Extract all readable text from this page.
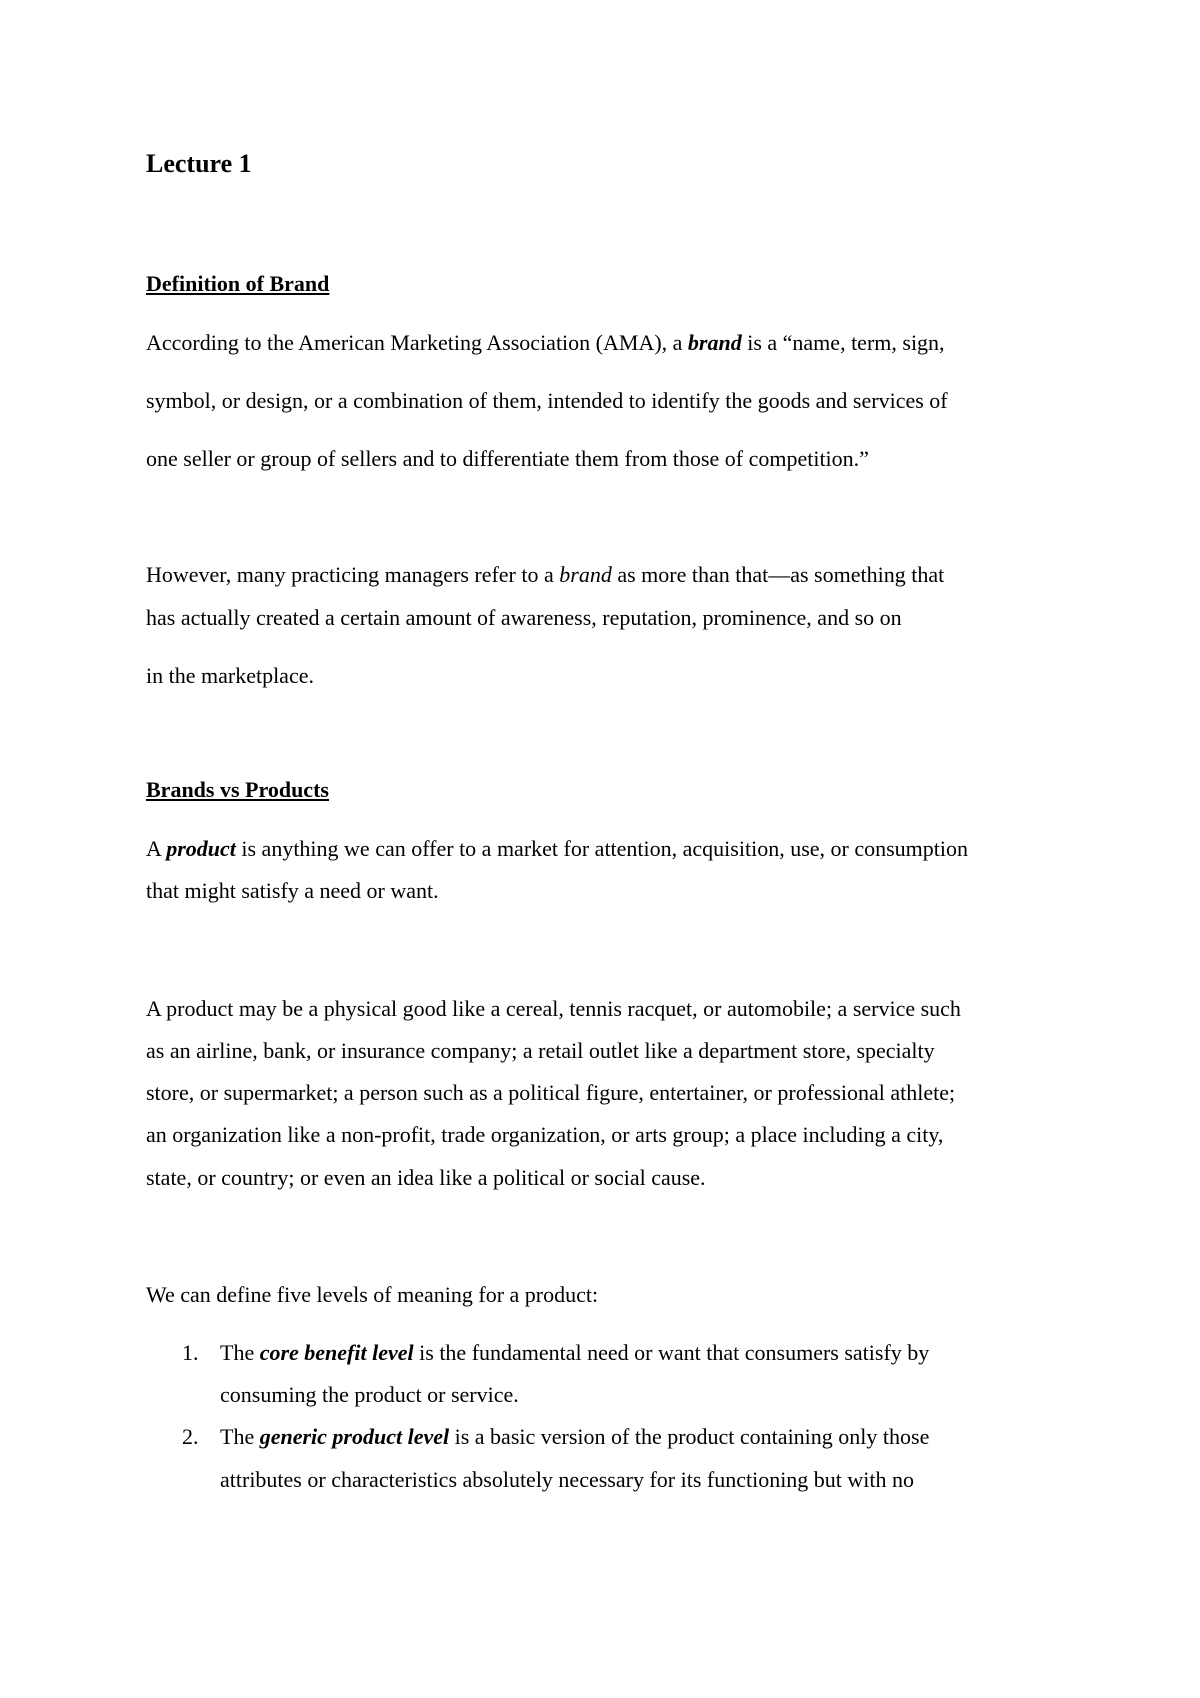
Lecture 1
Definition of Brand
According to the American Marketing Association (AMA), a brand is a “name, term, sign,
symbol, or design, or a combination of them, intended to identify the goods and services of
one seller or group of sellers and to differentiate them from those of competition.”
However, many practicing managers refer to a brand as more than that—as something that
has actually created a certain amount of awareness, reputation, prominence, and so on
in the marketplace.
Brands vs Products
A product is anything we can offer to a market for attention, acquisition, use, or consumption
that might satisfy a need or want.
A product may be a physical good like a cereal, tennis racquet, or automobile; a service such
as an airline, bank, or insurance company; a retail outlet like a department store, specialty
store, or supermarket; a person such as a political figure, entertainer, or professional athlete;
an organization like a non-profit, trade organization, or arts group; a place including a city,
state, or country; or even an idea like a political or social cause.
We can define five levels of meaning for a product:
1. The core benefit level is the fundamental need or want that consumers satisfy by
consuming the product or service.
2. The generic product level is a basic version of the product containing only those
attributes or characteristics absolutely necessary for its functioning but with no
